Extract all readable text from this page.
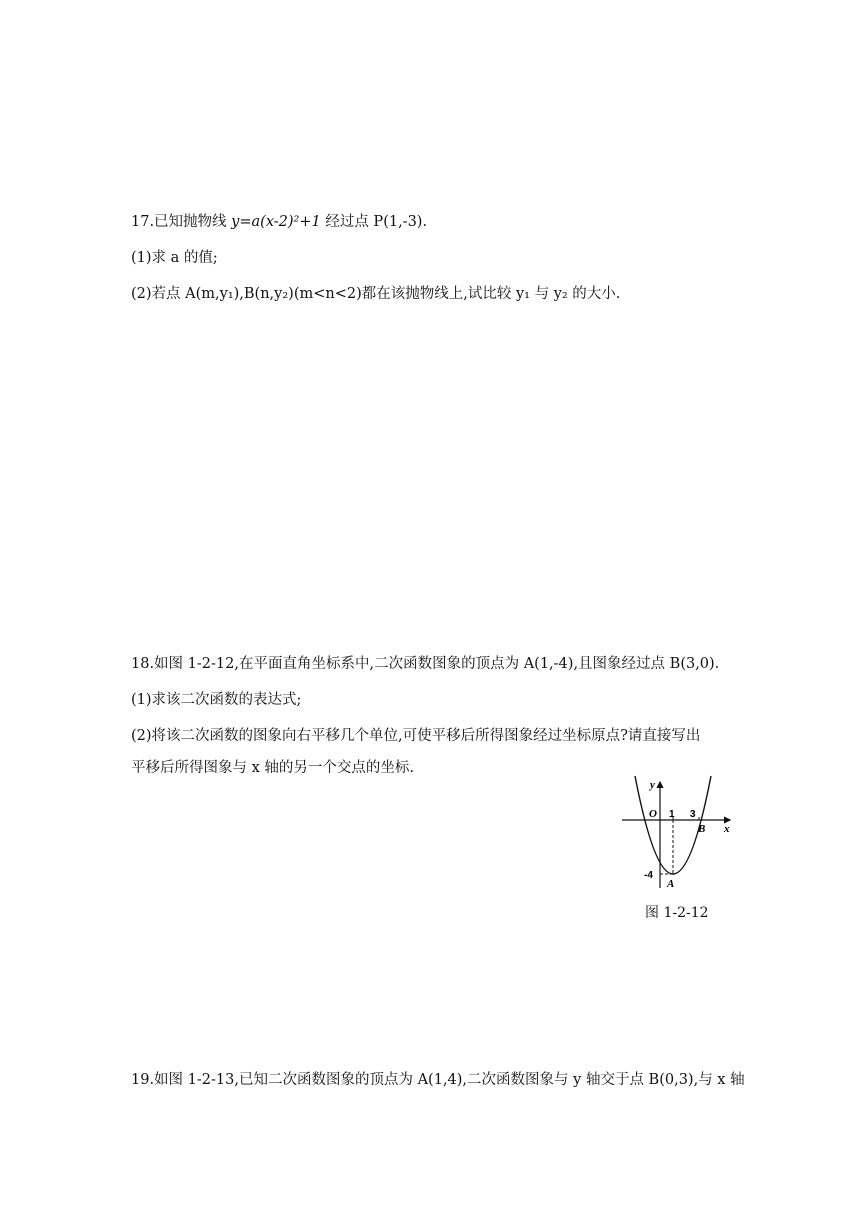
17.已知抛物线 y=a(x-2)²+1 经过点 P(1,-3).
(1)求 a 的值;
(2)若点 A(m,y₁),B(n,y₂)(m<n<2)都在该抛物线上,试比较 y₁ 与 y₂ 的大小.
18.如图 1-2-12,在平面直角坐标系中,二次函数图象的顶点为 A(1,-4),且图象经过点 B(3,0).
(1)求该二次函数的表达式;
(2)将该二次函数的图象向右平移几个单位,可使平移后所得图象经过坐标原点?请直接写出
平移后所得图象与 x 轴的另一个交点的坐标.
y
x
O 1 3
B
A
-4
图 1-2-12
19.如图 1-2-13,已知二次函数图象的顶点为 A(1,4),二次函数图象与 y 轴交于点 B(0,3),与 x 轴
